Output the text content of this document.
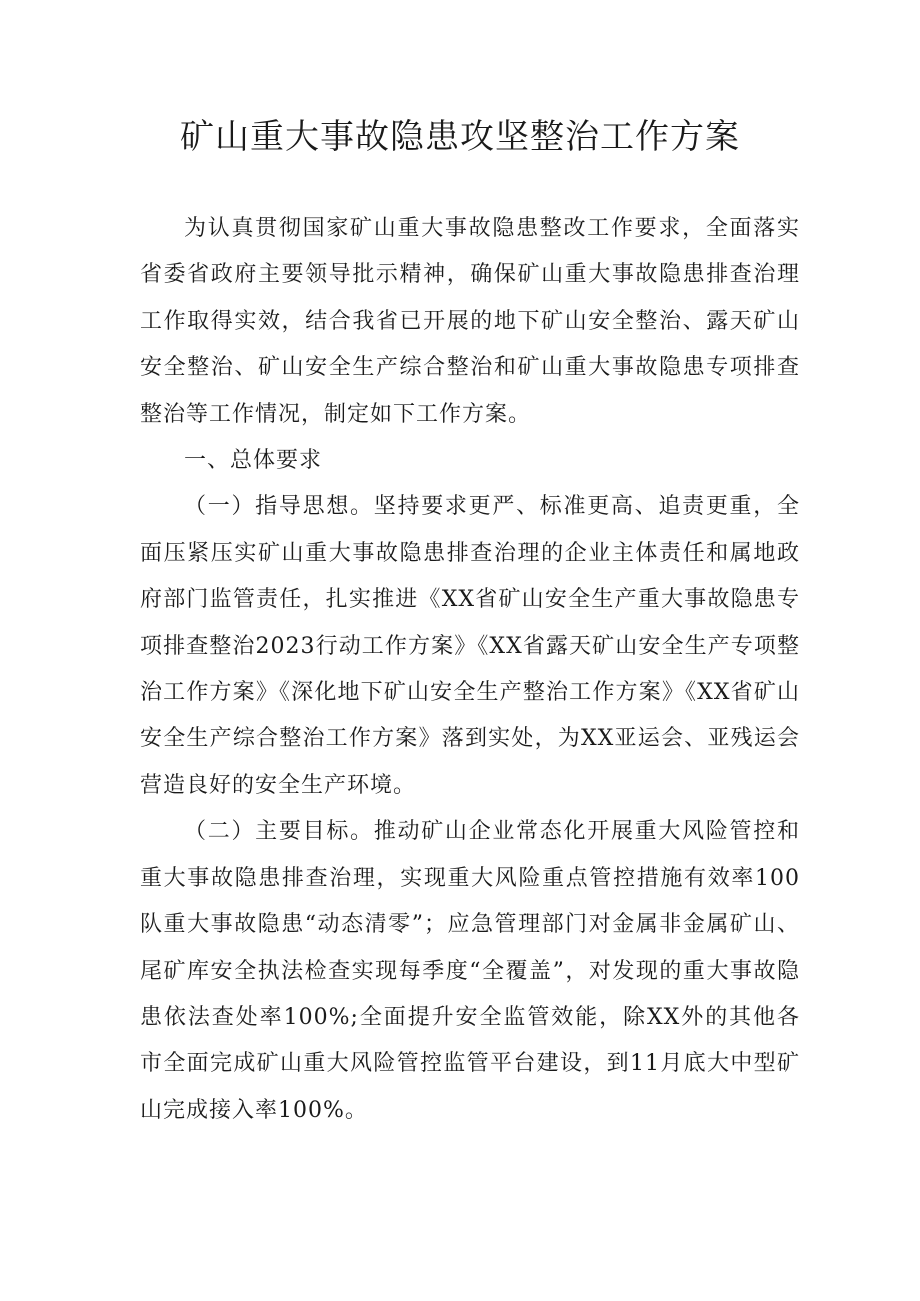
矿山重大事故隐患攻坚整治工作方案

为认真贯彻国家矿山重大事故隐患整改工作要求，全面落实省委省政府主要领导批示精神，确保矿山重大事故隐患排查治理工作取得实效，结合我省已开展的地下矿山安全整治、露天矿山安全整治、矿山安全生产综合整治和矿山重大事故隐患专项排查整治等工作情况，制定如下工作方案。

一、总体要求

（一）指导思想。坚持要求更严、标准更高、追责更重，全面压紧压实矿山重大事故隐患排查治理的企业主体责任和属地政府部门监管责任，扎实推进《XX省矿山安全生产重大事故隐患专项排查整治2023行动工作方案》《XX省露天矿山安全生产专项整治工作方案》《深化地下矿山安全生产整治工作方案》《XX省矿山安全生产综合整治工作方案》落到实处，为XX亚运会、亚残运会营造良好的安全生产环境。

（二）主要目标。推动矿山企业常态化开展重大风险管控和重大事故隐患排查治理，实现重大风险重点管控措施有效率100队重大事故隐患“动态清零”；应急管理部门对金属非金属矿山、尾矿库安全执法检查实现每季度“全覆盖”，对发现的重大事故隐患依法查处率100%;全面提升安全监管效能，除XX外的其他各市全面完成矿山重大风险管控监管平台建设，到11月底大中型矿山完成接入率100%。
